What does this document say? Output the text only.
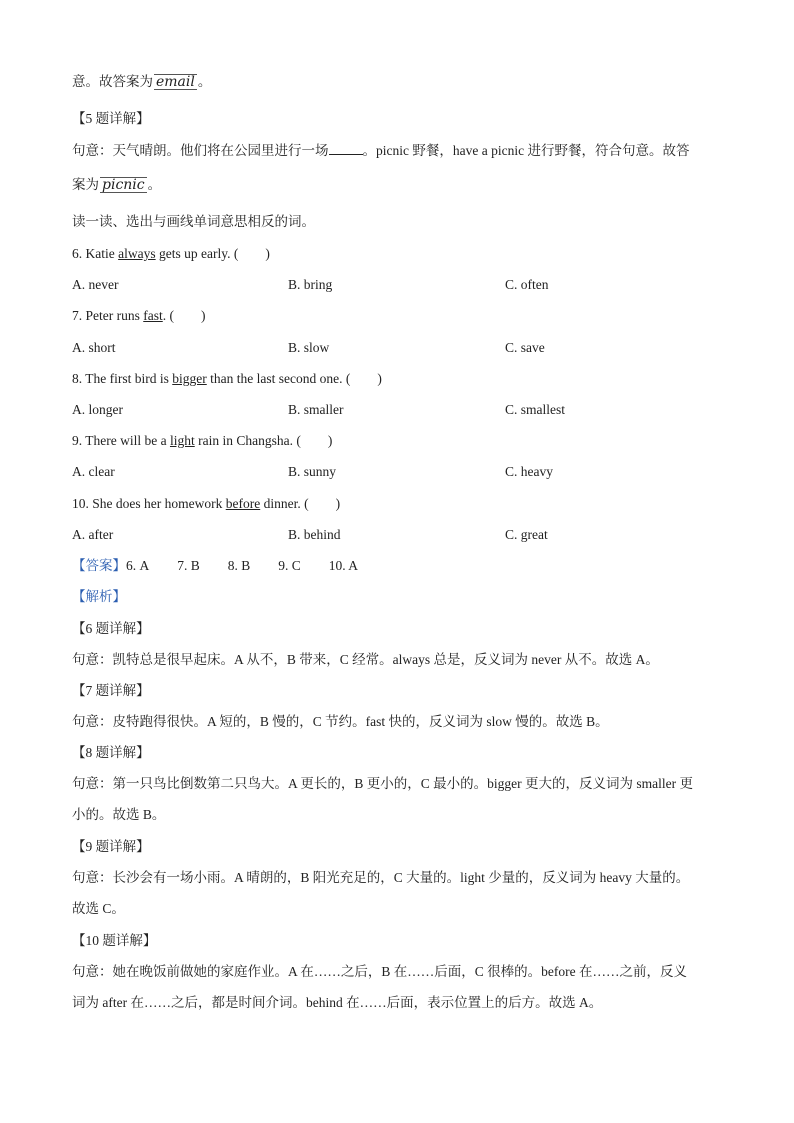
意。故答案为 email 。
【5 题详解】
句意：天气晴朗。他们将在公园里进行一场	。picnic 野餐，have a picnic 进行野餐，符合句意。故答
案为 picnic 。
读一读、选出与画线单词意思相反的词。
6. Katie always gets up early. (　　)
A. never	B. bring	C. often
7. Peter runs fast. (　　)
A. short	B. slow	C. save
8. The first bird is bigger than the last second one. (　　)
A. longer	B. smaller	C. smallest
9. There will be a light rain in Changsha. (　　)
A. clear	B. sunny	C. heavy
10. She does her homework before dinner. (　　)
A. after	B. behind	C. great
【答案】6. A 7. B 8. B 9. C 10. A
【解析】
【6 题详解】
句意：凯特总是很早起床。A 从不，B 带来，C 经常。always 总是，反义词为 never 从不。故选 A。
【7 题详解】
句意：皮特跑得很快。A 短的，B 慢的，C 节约。fast 快的，反义词为 slow 慢的。故选 B。
【8 题详解】
句意：第一只鸟比倒数第二只鸟大。A 更长的，B 更小的，C 最小的。bigger 更大的，反义词为 smaller 更
小的。故选 B。
【9 题详解】
句意：长沙会有一场小雨。A 晴朗的，B 阳光充足的，C 大量的。light 少量的，反义词为 heavy 大量的。
故选 C。
【10 题详解】
句意：她在晚饭前做她的家庭作业。A 在……之后，B 在……后面，C 很棒的。before 在……之前，反义
词为 after 在……之后，都是时间介词。behind 在……后面，表示位置上的后方。故选 A。
